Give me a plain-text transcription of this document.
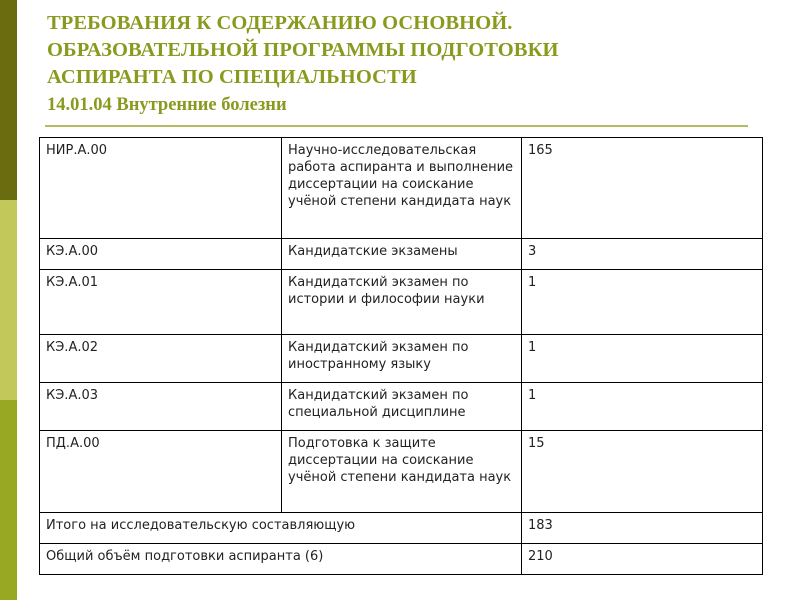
ТРЕБОВАНИЯ К СОДЕРЖАНИЮ ОСНОВНОЙ.
ОБРАЗОВАТЕЛЬНОЙ ПРОГРАММЫ ПОДГОТОВКИ
АСПИРАНТА ПО СПЕЦИАЛЬНОСТИ
14.01.04 Внутренние болезни
НИР.А.00	Научно-исследовательская работа аспиранта и выполнение диссертации на соискание учёной степени кандидата наук	165
КЭ.А.00	Кандидатские экзамены	3
КЭ.А.01	Кандидатский экзамен по истории и философии науки	1
КЭ.А.02	Кандидатский экзамен по иностранному языку	1
КЭ.А.03	Кандидатский экзамен по специальной дисциплине	1
ПД.А.00	Подготовка к защите диссертации на соискание учёной степени кандидата наук	15
Итого на исследовательскую составляющую		183
Общий объём подготовки аспиранта (6)		210
